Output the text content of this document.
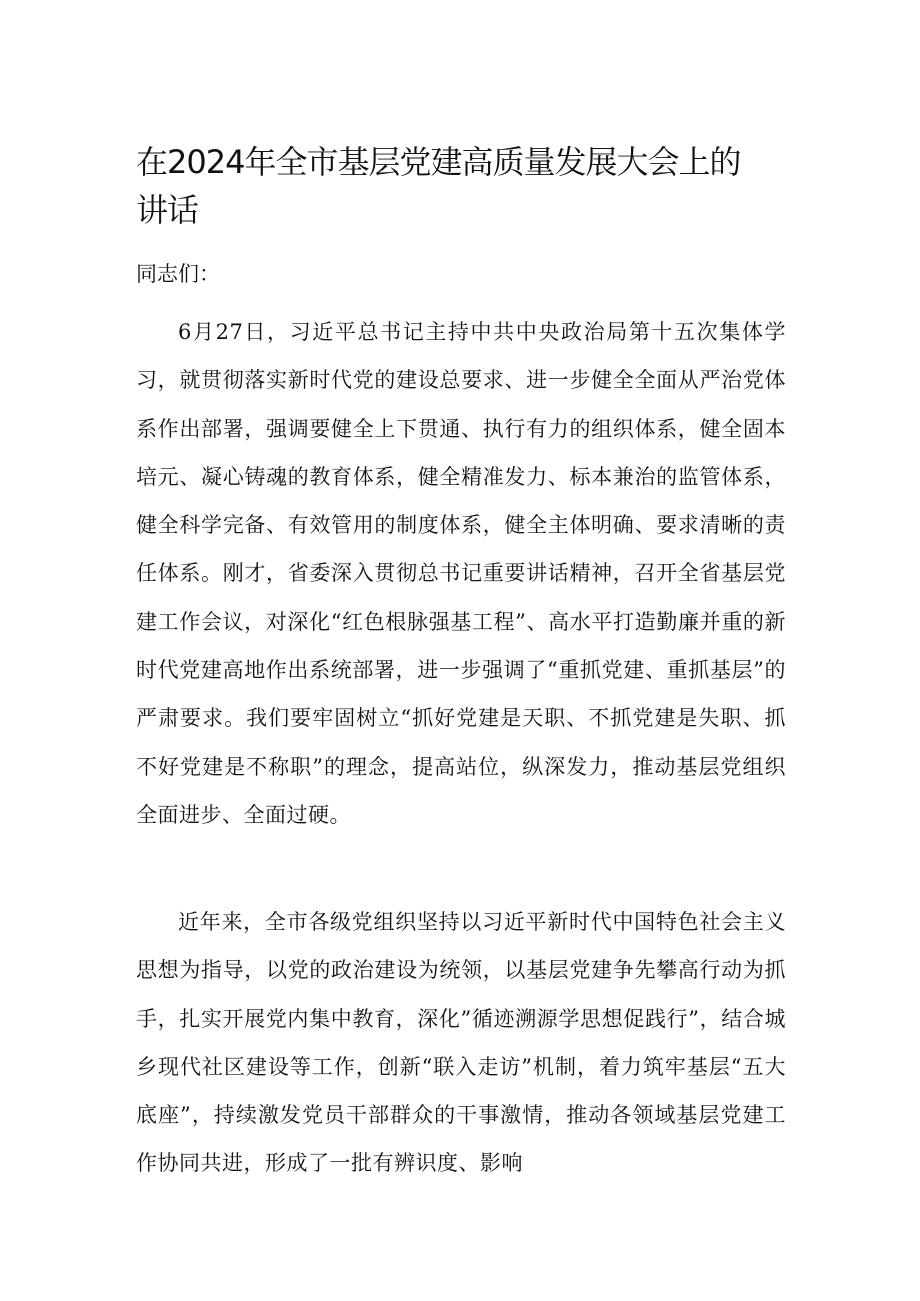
在2024年全市基层党建高质量发展大会上的讲话

同志们：

6月27日，习近平总书记主持中共中央政治局第十五次集体学习，就贯彻落实新时代党的建设总要求、进一步健全全面从严治党体系作出部署，强调要健全上下贯通、执行有力的组织体系，健全固本培元、凝心铸魂的教育体系，健全精准发力、标本兼治的监管体系，健全科学完备、有效管用的制度体系，健全主体明确、要求清晰的责任体系。刚才，省委深入贯彻总书记重要讲话精神，召开全省基层党建工作会议，对深化“红色根脉强基工程”、高水平打造勤廉并重的新时代党建高地作出系统部署，进一步强调了“重抓党建、重抓基层”的严肃要求。我们要牢固树立“抓好党建是天职、不抓党建是失职、抓不好党建是不称职”的理念，提高站位，纵深发力，推动基层党组织全面进步、全面过硬。

近年来，全市各级党组织坚持以习近平新时代中国特色社会主义思想为指导，以党的政治建设为统领，以基层党建争先攀高行动为抓手，扎实开展党内集中教育，深化”循迹溯源学思想促践行”，结合城乡现代社区建设等工作，创新“联入走访”机制，着力筑牢基层“五大底座”，持续激发党员干部群众的干事激情，推动各领域基层党建工作协同共进，形成了一批有辨识度、影响
